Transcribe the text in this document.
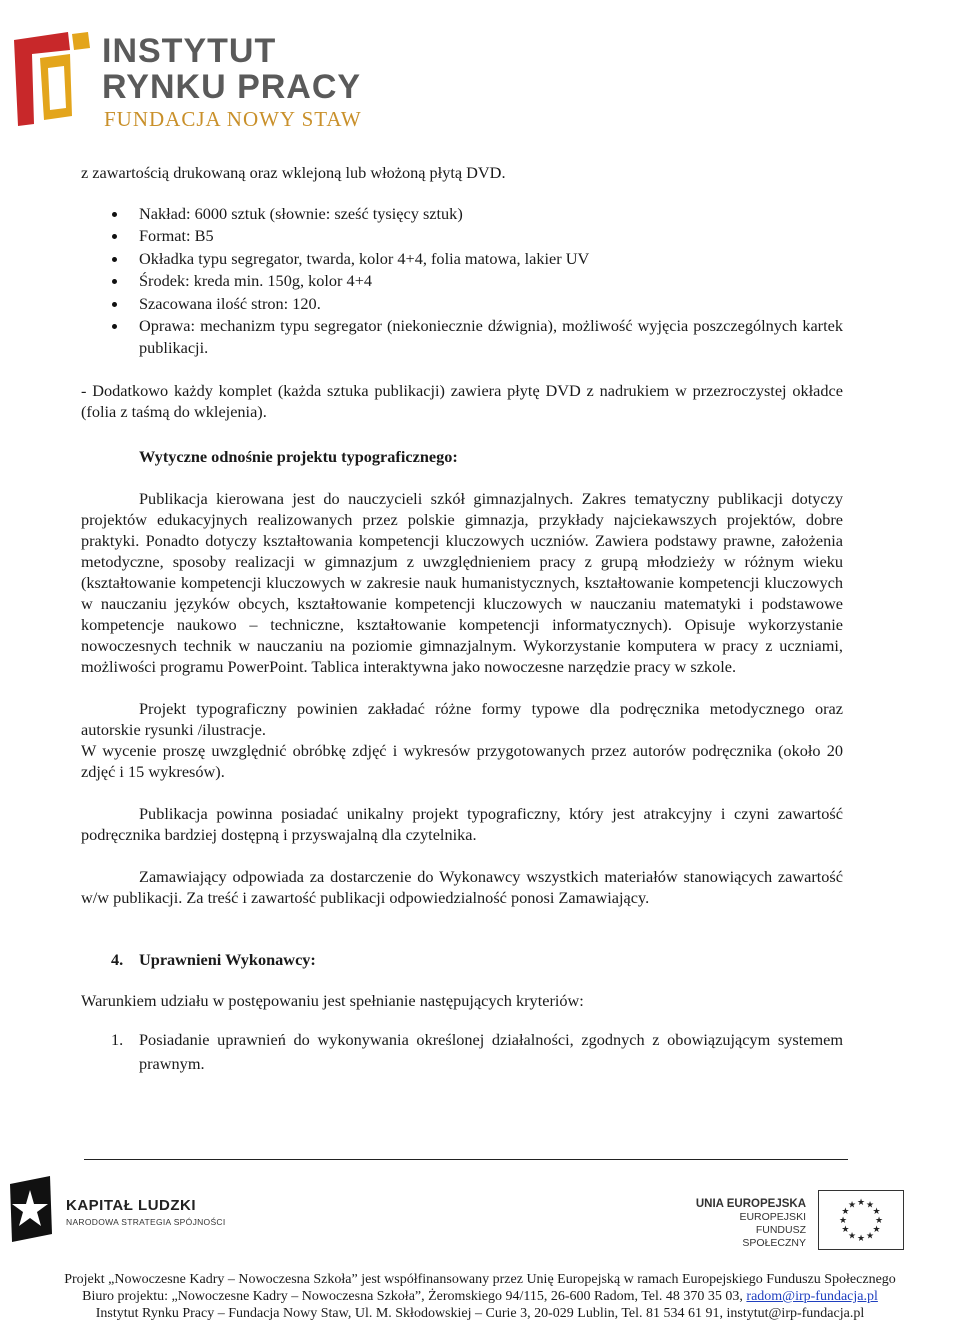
INSTYTUT
RYNKU PRACY
FUNDACJA NOWY STAW

z zawartością drukowaną oraz wklejoną lub włożoną płytą DVD.

Nakład: 6000 sztuk (słownie: sześć tysięcy sztuk)
Format: B5
Okładka typu segregator, twarda, kolor 4+4, folia matowa, lakier UV
Środek: kreda min. 150g, kolor 4+4
Szacowana ilość stron: 120.
Oprawa: mechanizm typu segregator (niekoniecznie dźwignia), możliwość wyjęcia poszczególnych kartek publikacji.

- Dodatkowo każdy komplet (każda sztuka publikacji) zawiera płytę DVD z nadrukiem w przezroczystej okładce (folia z taśmą do wklejenia).

Wytyczne odnośnie projektu typograficznego:

Publikacja kierowana jest do nauczycieli szkół gimnazjalnych. Zakres tematyczny publikacji dotyczy projektów edukacyjnych realizowanych przez polskie gimnazja, przykłady najciekawszych projektów, dobre praktyki. Ponadto dotyczy kształtowania kompetencji kluczowych uczniów. Zawiera podstawy prawne, założenia metodyczne, sposoby realizacji w gimnazjum z uwzględnieniem pracy z grupą młodzieży w różnym wieku (kształtowanie kompetencji kluczowych w zakresie nauk humanistycznych, kształtowanie kompetencji kluczowych w nauczaniu języków obcych, kształtowanie kompetencji kluczowych w nauczaniu matematyki i podstawowe kompetencje naukowo – techniczne, kształtowanie kompetencji informatycznych). Opisuje wykorzystanie nowoczesnych technik w nauczaniu na poziomie gimnazjalnym. Wykorzystanie komputera w pracy z uczniami, możliwości programu PowerPoint. Tablica interaktywna jako nowoczesne narzędzie pracy w szkole.

Projekt typograficzny powinien zakładać różne formy typowe dla podręcznika metodycznego oraz autorskie rysunki /ilustracje.

W wycenie proszę uwzględnić obróbkę zdjęć i wykresów przygotowanych przez autorów podręcznika (około 20 zdjęć i 15 wykresów).

Publikacja powinna posiadać unikalny projekt typograficzny, który jest atrakcyjny i czyni zawartość podręcznika bardziej dostępną i przyswajalną dla czytelnika.

Zamawiający odpowiada za dostarczenie do Wykonawcy wszystkich materiałów stanowiących zawartość w/w publikacji. Za treść i zawartość publikacji odpowiedzialność ponosi Zamawiający.

4. Uprawnieni Wykonawcy:

Warunkiem udziału w postępowaniu jest spełnianie następujących kryteriów:

1. Posiadanie uprawnień do wykonywania określonej działalności, zgodnych z obowiązującym systemem prawnym.
KAPITAŁ LUDZKI
NARODOWA STRATEGIA SPÓJNOŚCI
UNIA EUROPEJSKA
EUROPEJSKI
FUNDUSZ SPOŁECZNY
★
★
★
★
★
★
★
★
★ ★ ★
★
Projekt „Nowoczesne Kadry – Nowoczesna Szkoła” jest współfinansowany przez Unię Europejską w ramach Europejskiego Funduszu Społecznego
Biuro projektu: „Nowoczesne Kadry – Nowoczesna Szkoła”, Żeromskiego 94/115, 26-600 Radom, Tel. 48 370 35 03, radom@irp-fundacja.pl
Instytut Rynku Pracy – Fundacja Nowy Staw, Ul. M. Skłodowskiej – Curie 3, 20-029 Lublin, Tel. 81 534 61 91, instytut@irp-fundacja.pl
